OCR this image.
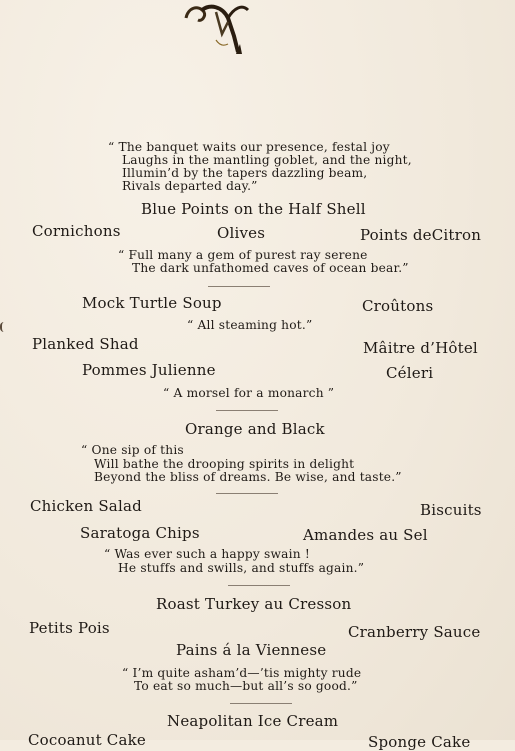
“ The banquet waits our presence, festal joy
Laughs in the mantling goblet, and the night,
Illumin’d by the tapers dazzling beam,
Rivals departed day.”
Blue Points on the Half Shell
Cornichons	Olives	Points deCitron
“ Full many a gem of purest ray serene
The dark unfathomed caves of ocean bear.”
Mock Turtle Soup	Croûtons
“ All steaming hot.”
Planked Shad	Mâitre d’Hôtel
Pommes Julienne	Céleri
“ A morsel for a monarch ”
Orange and Black
“ One sip of this
Will bathe the drooping spirits in delight
Beyond the bliss of dreams. Be wise, and taste.”
Chicken Salad	Biscuits
Saratoga Chips	Amandes au Sel
“ Was ever such a happy swain !
He stuffs and swills, and stuffs again.”
Roast Turkey au Cresson
Petits Pois	Cranberry Sauce
Pains á la Viennese
“ I’m quite asham’d—’tis mighty rude
To eat so much—but all’s so good.”
Neapolitan Ice Cream
Cocoanut Cake	Sponge Cake
